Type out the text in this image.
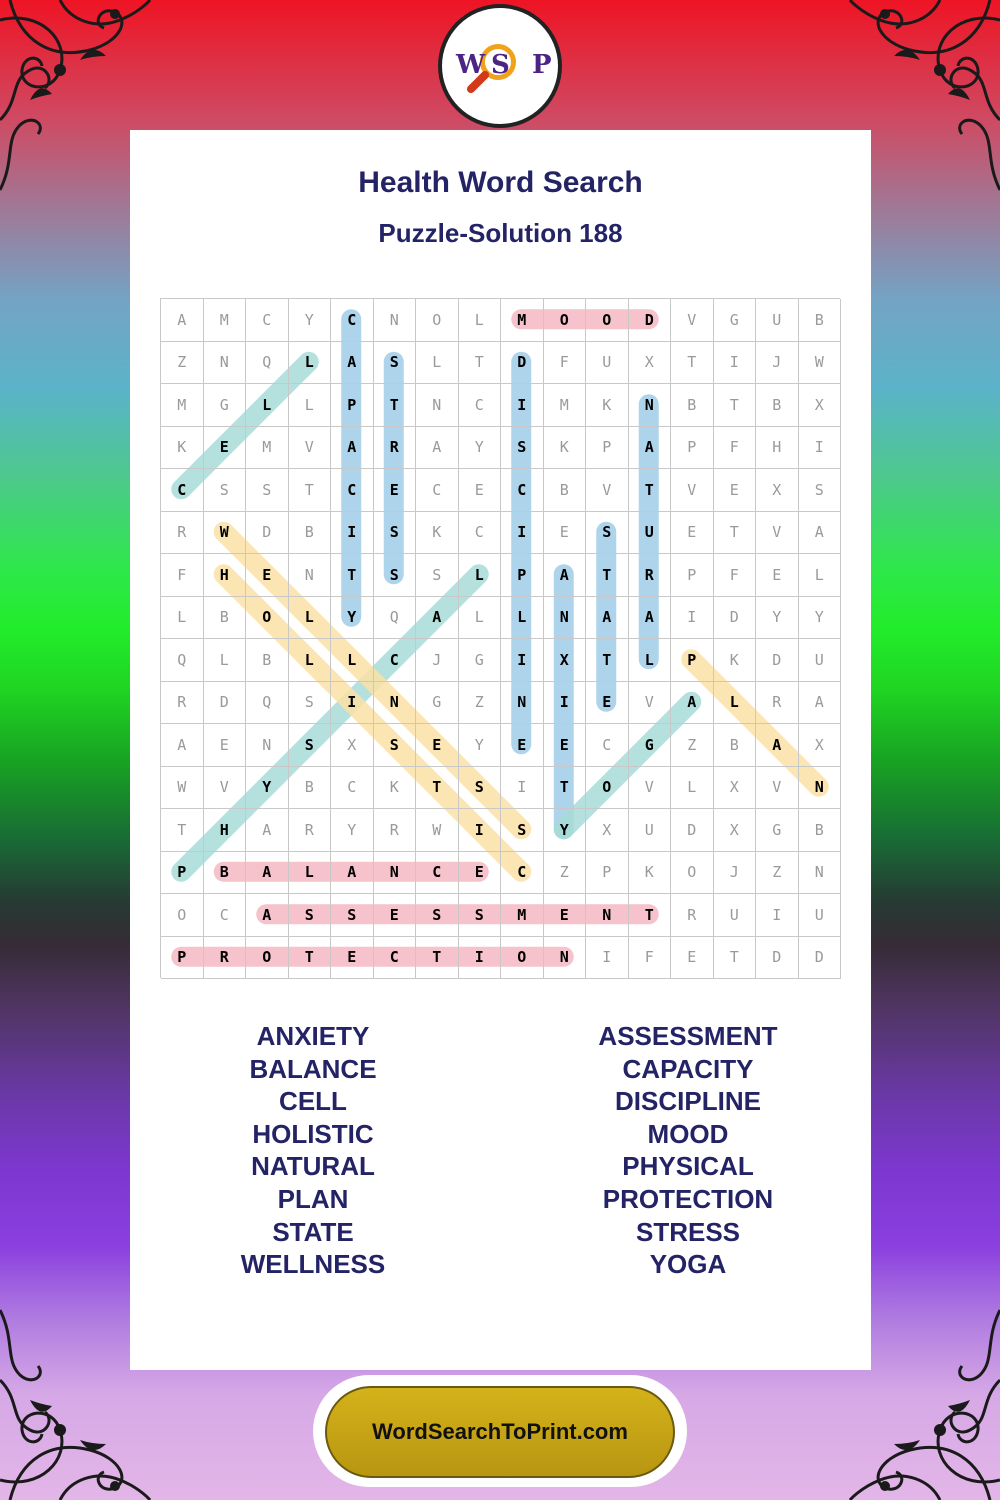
W S P
Health Word Search
Puzzle-Solution 188
A	M	C	Y	C	N	O	L	M	O	O	D	V	G	U	B
Z	N	Q	L	A	S	L	T	D	F	U	X	T	I	J	W
M	G	L	L	P	T	N	C	I	M	K	N	B	T	B	X
K	E	M	V	A	R	A	Y	S	K	P	A	P	F	H	I
C	S	S	T	C	E	C	E	C	B	V	T	V	E	X	S
R	W	D	B	I	S	K	C	I	E	S	U	E	T	V	A
F	H	E	N	T	S	S	L	P	A	T	R	P	F	E	L
L	B	O	L	Y	Q	A	L	L	N	A	A	I	D	Y	Y
Q	L	B	L	L	C	J	G	I	X	T	L	P	K	D	U
R	D	Q	S	I	N	G	Z	N	I	E	V	A	L	R	A
A	E	N	S	X	S	E	Y	E	E	C	G	Z	B	A	X
W	V	Y	B	C	K	T	S	I	T	O	V	L	X	V	N
T	H	A	R	Y	R	W	I	S	Y	X	U	D	X	G	B
P	B	A	L	A	N	C	E	C	Z	P	K	O	J	Z	N
O	C	A	S	S	E	S	S	M	E	N	T	R	U	I	U
P	R	O	T	E	C	T	I	O	N	I	F	E	T	D	D
ANXIETY
BALANCE
CELL
HOLISTIC
NATURAL
PLAN
STATE
WELLNESS
ASSESSMENT
CAPACITY
DISCIPLINE
MOOD
PHYSICAL
PROTECTION
STRESS
YOGA
WordSearchToPrint.com
